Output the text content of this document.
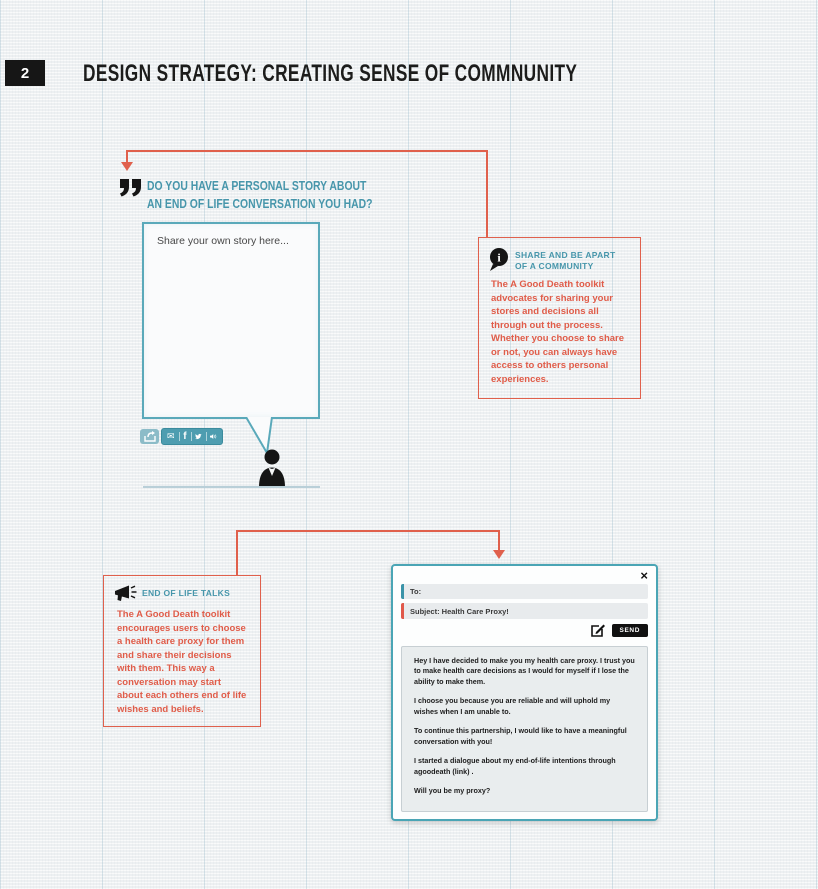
2 DESIGN STRATEGY: CREATING SENSE OF COMMNUNITY
DO YOU HAVE A PERSONAL STORY ABOUT
AN END OF LIFE CONVERSATION YOU HAD?
Share your own story here...
✉ f
i SHARE AND BE APART
OF A COMMUNITY
The A Good Death toolkit advocates for sharing your stores and decisions all through out the process. Whether you choose to share or not, you can always have access to others personal experiences.
END OF LIFE TALKS
The A Good Death toolkit encourages users to choose a health care proxy for them and share their decisions with them. This way a conversation may start about each others end of life wishes and beliefs.
×
To:
Subject: Health Care Proxy!
SEND

Hey I have decided to make you my health care proxy. I trust you to make health care decisions as I would for myself if I lose the ability to make them.

I choose you because you are reliable and will uphold my wishes when I am unable to.

To continue this partnership, I would like to have a meaningful conversation with you!

I started a dialogue about my end-of-life intentions through agoodeath (link) .

Will you be my proxy?
